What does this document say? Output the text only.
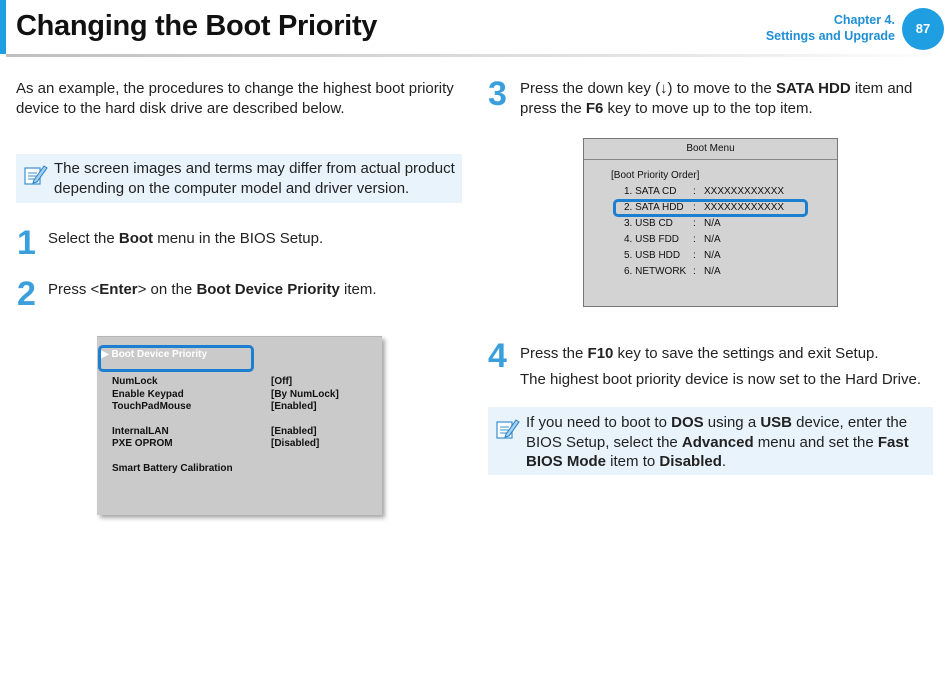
Changing the Boot Priority	Chapter 4.
Settings and Upgrade	87
As an example, the procedures to change the highest boot priority
device to the hard disk drive are described below.
The screen images and terms may differ from actual product
depending on the computer model and driver version.
1 Select the Boot menu in the BIOS Setup.
2 Press <Enter> on the Boot Device Priority item.
▶ Boot Device Priority
NumLock	[Off]
Enable Keypad	[By NumLock]
TouchPadMouse	[Enabled]
InternalLAN	[Enabled]
PXE OPROM	[Disabled]
Smart Battery Calibration
3 Press the down key (↓) to move to the SATA HDD item and
press the F6 key to move up to the top item.
Boot Menu
[Boot Priority Order]
1. SATA CD : XXXXXXXXXXXX
2. SATA HDD : XXXXXXXXXXXX
3. USB CD : N/A
4. USB FDD : N/A
5. USB HDD : N/A
6. NETWORK : N/A
4 Press the F10 key to save the settings and exit Setup.
The highest boot priority device is now set to the Hard Drive.
If you need to boot to DOS using a USB device, enter the
BIOS Setup, select the Advanced menu and set the Fast
BIOS Mode item to Disabled.
